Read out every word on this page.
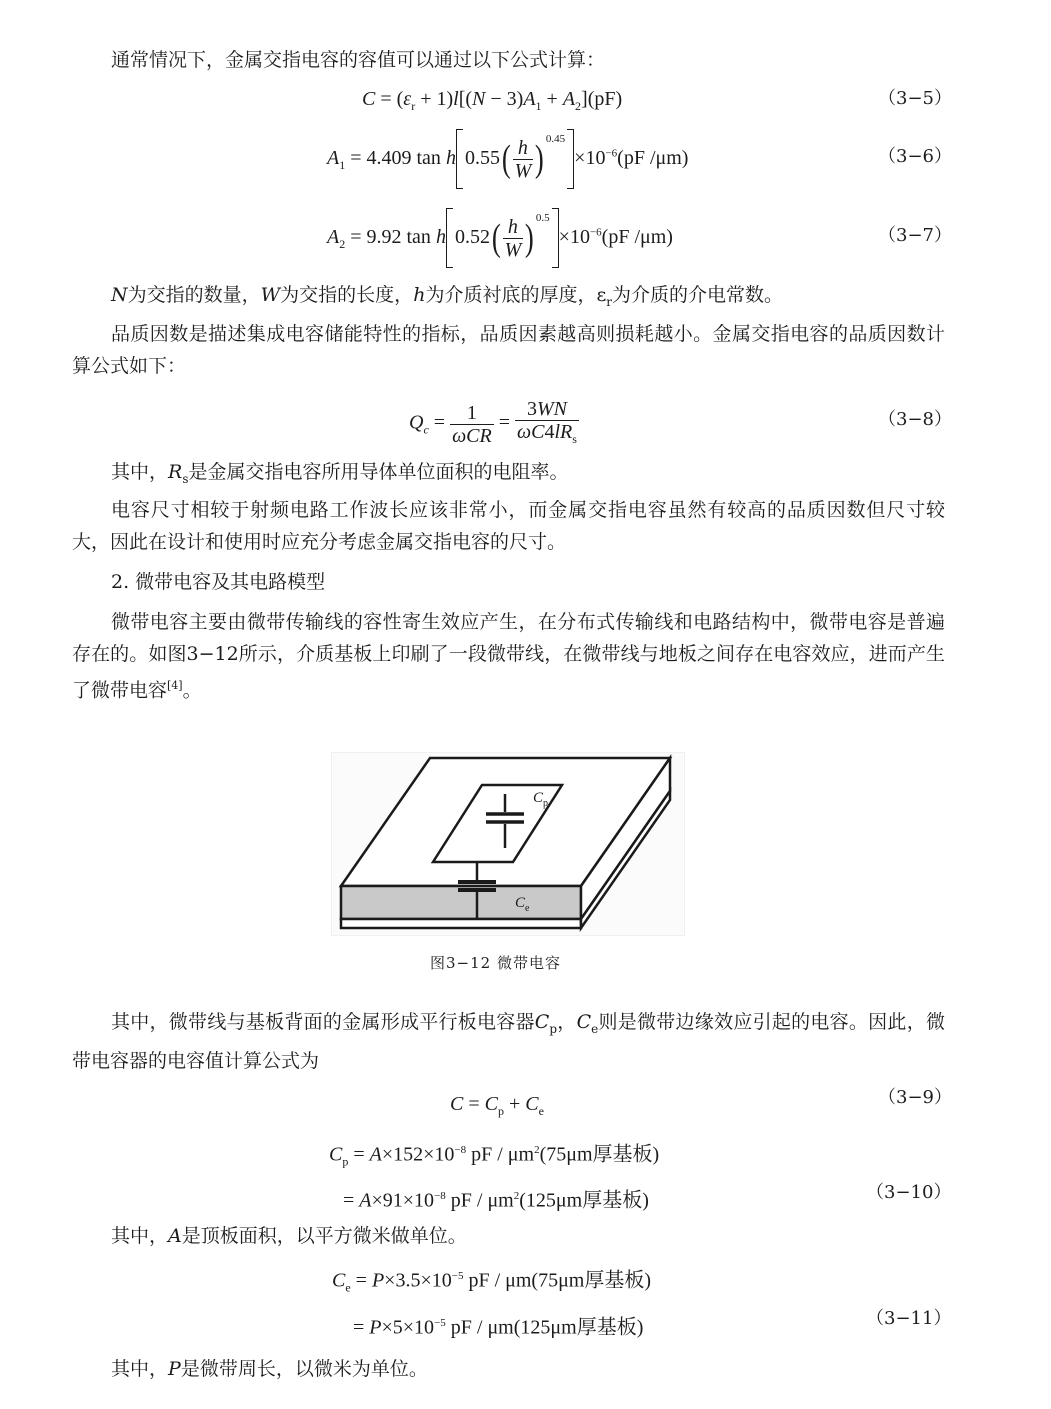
通常情况下，金属交指电容的容值可以通过以下公式计算：

$C = (\varepsilon_r + 1)l[(N - 3)A_1 + A_2](pF)$	（3−5）
$A_1 = 4.409$ tan h $0.55( \frac{h}{W}$ ) $^{0.45}\times 10^{-6}(pF$ /μm)	（3−6）
$A_2 = 9.92$ tan h $0.52( \frac{h}{W}$ ) $^{0.5}\times 10^{-6}(pF$ /μm)	（3−7）

N为交指的数量，W为交指的长度，h为介质衬底的厚度，$\varepsilon_r$为介质的介电常数。

品质因数是描述集成电容储能特性的指标，品质因素越高则损耗越小。金属交指电容的品质因数计算公式如下：

$Q_c = \frac{1}{\text{ωCR}} = \frac{3WN}{\omega C4lR_s}$	（3−8）

其中，$R_s$是金属交指电容所用导体单位面积的电阻率。

电容尺寸相较于射频电路工作波长应该非常小，而金属交指电容虽然有较高的品质因数但尺寸较大，因此在设计和使用时应充分考虑金属交指电容的尺寸。

2. 微带电容及其电路模型

微带电容主要由微带传输线的容性寄生效应产生，在分布式传输线和电路结构中，微带电容是普遍存在的。如图3−12所示，介质基板上印刷了一段微带线，在微带线与地板之间存在电容效应，进而产生了微带电容[4]。

$C_p$
$C_e$
图3−12 微带电容

其中，微带线与基板背面的金属形成平行板电容器$C_p$，$C_e$则是微带边缘效应引起的电容。因此，微带电容器的电容值计算公式为

$C = C_p + C_e$
（3−9）
$C_p = A\times 152\times 10^{-8}$ pF / $\mu m^2(75\mu m$厚基板)
= $A\times 91\times 10^{-8}$ pF / $\mu m^2(125\mu m$厚基板)	（3−10）

其中，A是顶板面积，以平方微米做单位。

$C_e = P\times 3.5\times 10^{-5}$ pF / μm(75μm厚基板)
= $P\times 5\times 10^{-5}$ pF / μm(125μm厚基板)	（3−11）

其中，P是微带周长，以微米为单位。
